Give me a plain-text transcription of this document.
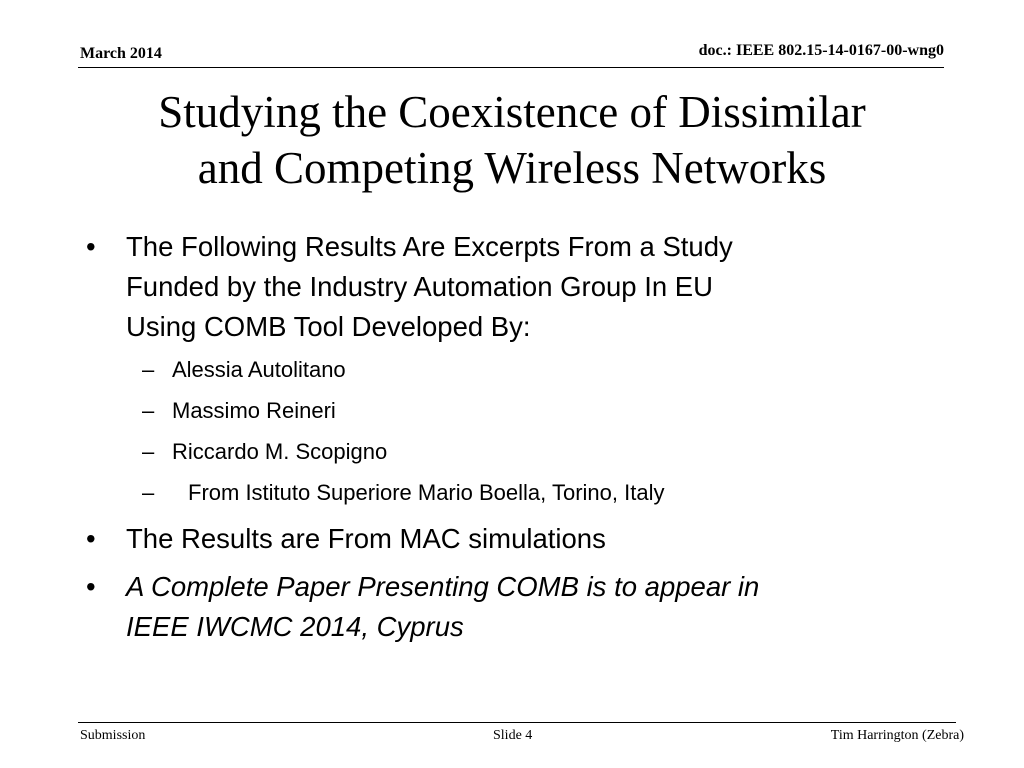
March 2014	doc.: IEEE 802.15-14-0167-00-wng0
Studying the Coexistence of Dissimilar
and Competing Wireless Networks
• The Following Results Are Excerpts From a Study
Funded by the Industry Automation Group In EU
Using COMB Tool Developed By:
– Alessia Autolitano
– Massimo Reineri
– Riccardo M. Scopigno
– From Istituto Superiore Mario Boella, Torino, Italy
• The Results are From MAC simulations
• A Complete Paper Presenting COMB is to appear in
IEEE IWCMC 2014, Cyprus
Submission	Slide 4	Tim Harrington (Zebra)
